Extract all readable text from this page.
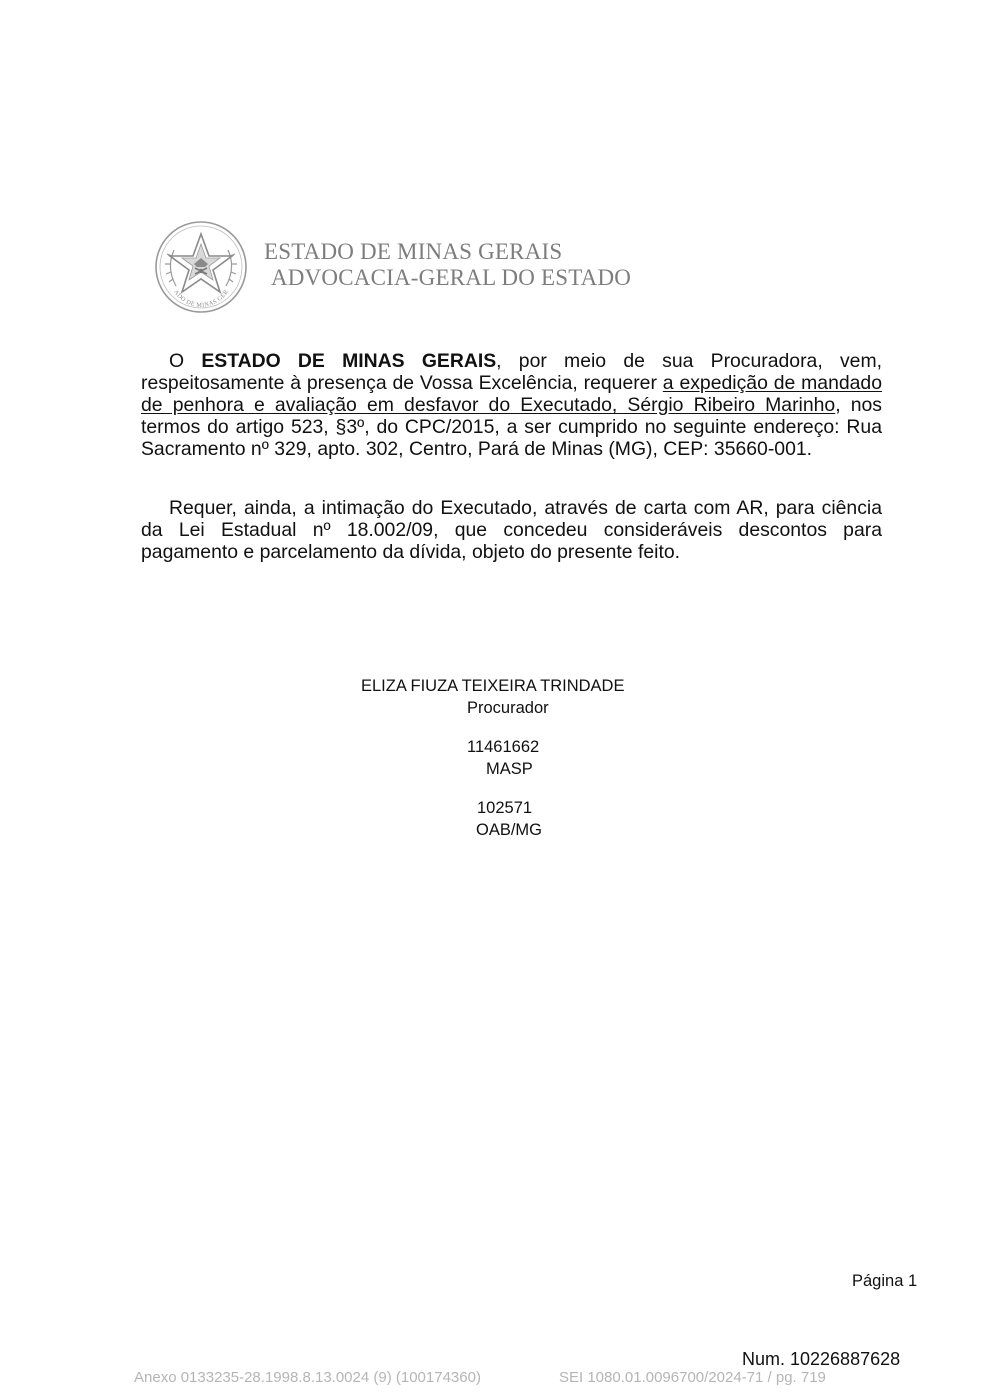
ADO DE MINAS GER
ESTADO DE MINAS GERAIS
ADVOCACIA-GERAL DO ESTADO
O ESTADO DE MINAS GERAIS, por meio de sua Procuradora, vem, respeitosamente à presença de Vossa Excelência, requerer a expedição de mandado de penhora e avaliação em desfavor do Executado, Sérgio Ribeiro Marinho, nos termos do artigo 523, §3º, do CPC/2015, a ser cumprido no seguinte endereço: Rua Sacramento nº 329, apto. 302, Centro, Pará de Minas (MG), CEP: 35660-001.
Requer, ainda, a intimação do Executado, através de carta com AR, para ciência da Lei Estadual nº 18.002/09, que concedeu consideráveis descontos para pagamento e parcelamento da dívida, objeto do presente feito.
ELIZA FIUZA TEIXEIRA TRINDADE
Procurador
11461662
MASP
102571
OAB/MG
Página 1
Num. 10226887628
Anexo 0133235-28.1998.8.13.0024 (9) (100174360)	SEI 1080.01.0096700/2024-71 / pg. 719
